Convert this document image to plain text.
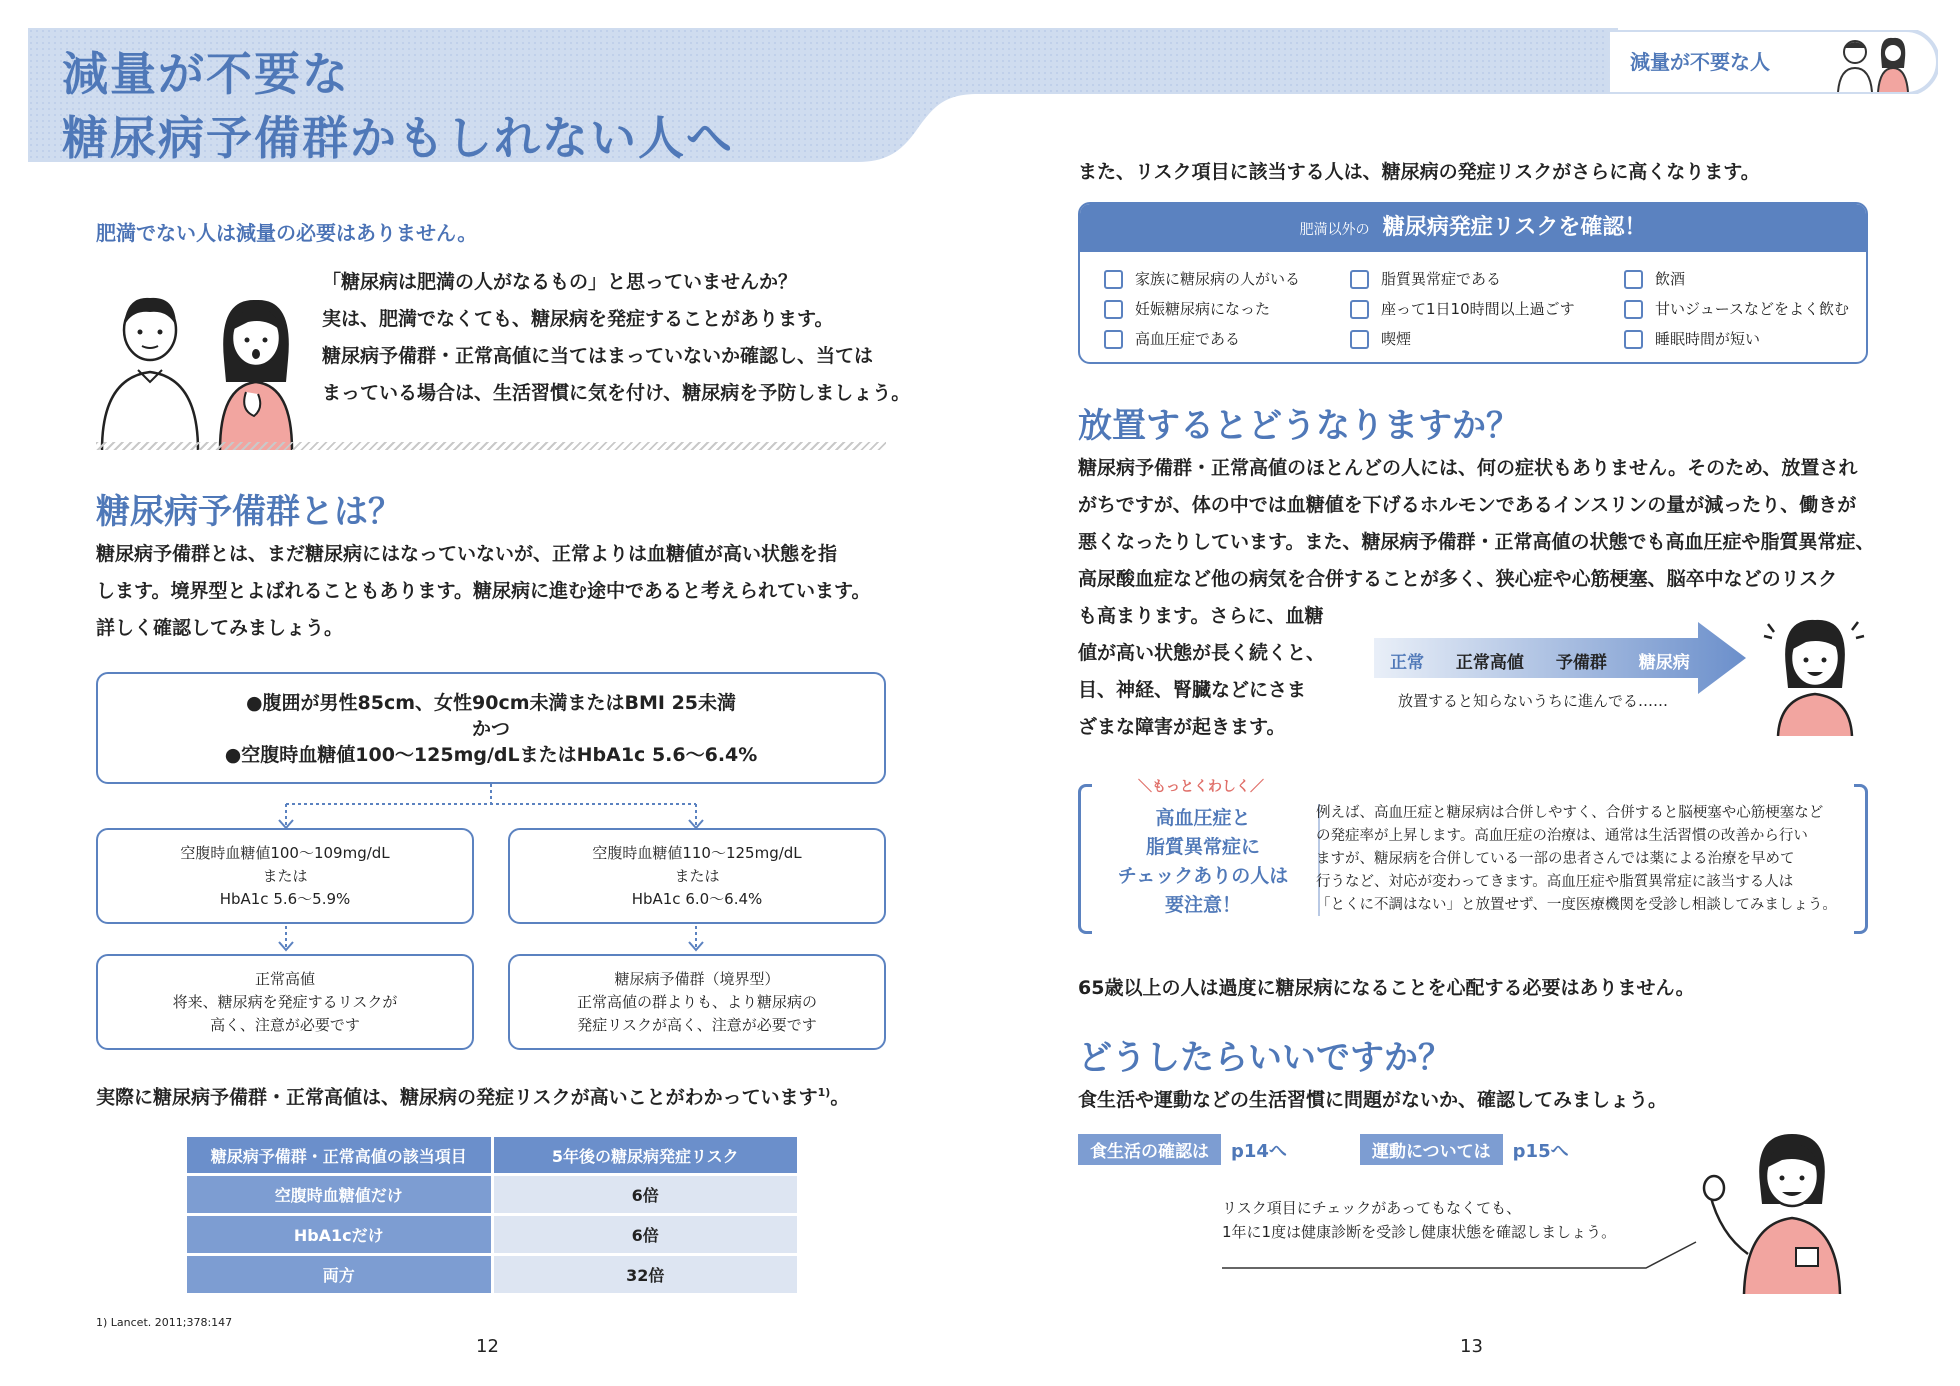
減量が不要な
糖尿病予備群かもしれない人へ
減量が不要な人
肥満でない人は減量の必要はありません。
「糖尿病は肥満の人がなるもの」と思っていませんか？
実は、肥満でなくても、糖尿病を発症することがあります。
糖尿病予備群・正常高値に当てはまっていないか確認し、当ては
まっている場合は、生活習慣に気を付け、糖尿病を予防しましょう。
糖尿病予備群とは？
糖尿病予備群とは、まだ糖尿病にはなっていないが、正常よりは血糖値が高い状態を指
します。境界型とよばれることもあります。糖尿病に進む途中であると考えられています。
詳しく確認してみましょう。
●腹囲が男性85cm、女性90cm未満またはBMI 25未満
かつ
●空腹時血糖値100〜125mg/dLまたはHbA1c 5.6〜6.4%
空腹時血糖値100〜109mg/dL
または
HbA1c 5.6〜5.9%
空腹時血糖値110〜125mg/dL
または
HbA1c 6.0〜6.4%
正常高値
将来、糖尿病を発症するリスクが
高く、注意が必要です
糖尿病予備群（境界型）
正常高値の群よりも、より糖尿病の
発症リスクが高く、注意が必要です
実際に糖尿病予備群・正常高値は、糖尿病の発症リスクが高いことがわかっています$^{1)}$。
糖尿病予備群・正常高値の該当項目	5年後の糖尿病発症リスク
空腹時血糖値だけ	6倍
HbA1cだけ	6倍
両方	32倍
1) Lancet. 2011;378:147
12
また、リスク項目に該当する人は、糖尿病の発症リスクがさらに高くなります。
肥満以外の 糖尿病発症リスクを確認！
家族に糖尿病の人がいる
妊娠糖尿病になった
高血圧症である
脂質異常症である
座って1日10時間以上過ごす
喫煙
飲酒
甘いジュースなどをよく飲む
睡眠時間が短い
放置するとどうなりますか？
糖尿病予備群・正常高値のほとんどの人には、何の症状もありません。そのため、放置され
がちですが、体の中では血糖値を下げるホルモンであるインスリンの量が減ったり、働きが
悪くなったりしています。また、糖尿病予備群・正常高値の状態でも高血圧症や脂質異常症、
高尿酸血症など他の病気を合併することが多く、狭心症や心筋梗塞、脳卒中などのリスク
も高まります。さらに、血糖
値が高い状態が長く続くと、
目、神経、腎臓などにさま
ざまな障害が起きます。
正常 正常高値 予備群 糖尿病
放置すると知らないうちに進んでる……
＼もっとくわしく／
高血圧症と
脂質異常症に
チェックありの人は
要注意！
例えば、高血圧症と糖尿病は合併しやすく、合併すると脳梗塞や心筋梗塞など
の発症率が上昇します。高血圧症の治療は、通常は生活習慣の改善から行い
ますが、糖尿病を合併している一部の患者さんでは薬による治療を早めて
行うなど、対応が変わってきます。高血圧症や脂質異常症に該当する人は
「とくに不調はない」と放置せず、一度医療機関を受診し相談してみましょう。
65歳以上の人は過度に糖尿病になることを心配する必要はありません。
どうしたらいいですか？
食生活や運動などの生活習慣に問題がないか、確認してみましょう。
食生活の確認は p14へ	運動については p15へ
リスク項目にチェックがあってもなくても、
1年に1度は健康診断を受診し健康状態を確認しましょう。
13
